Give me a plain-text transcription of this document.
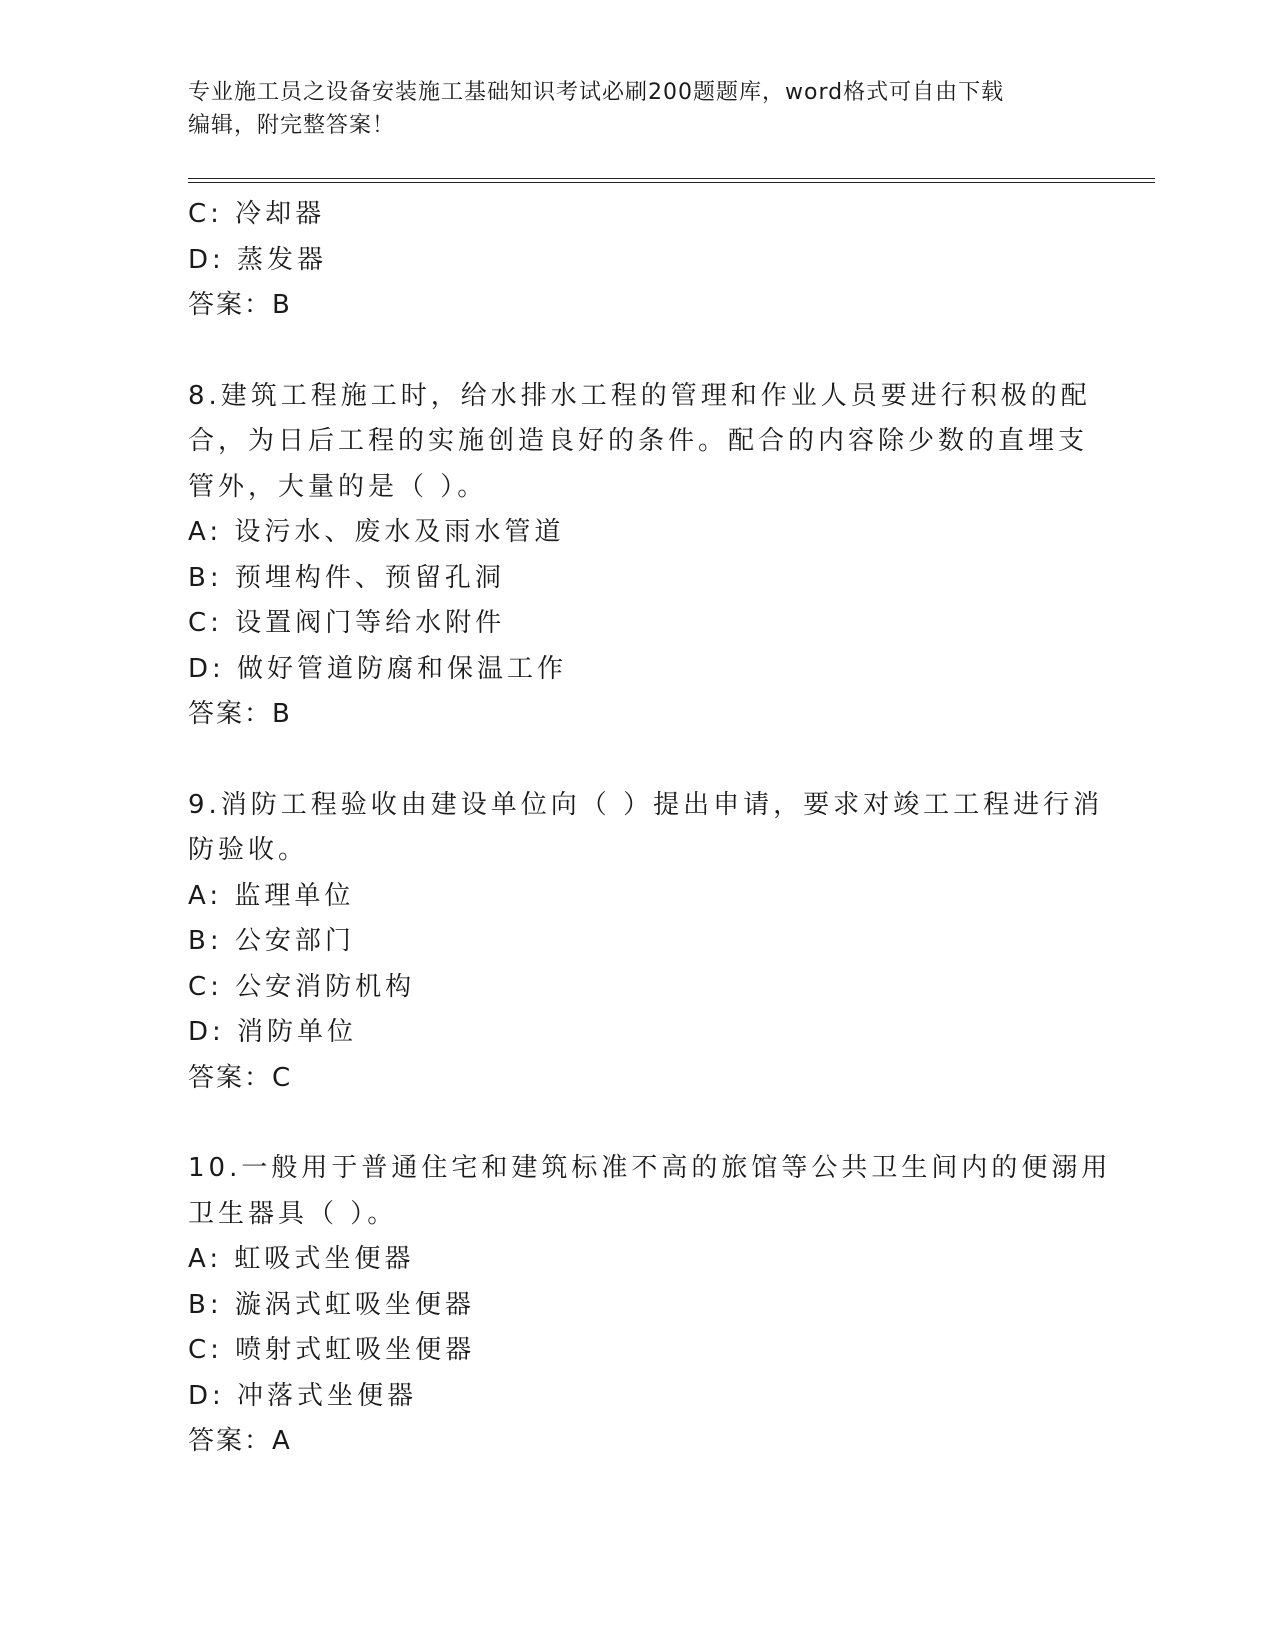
专业施工员之设备安装施工基础知识考试必刷200题题库，word格式可自由下载
编辑，附完整答案！
C: 冷却器
D: 蒸发器
答案：B
8.建筑工程施工时，给水排水工程的管理和作业人员要进行积极的配
合，为日后工程的实施创造良好的条件。配合的内容除少数的直埋支
管外，大量的是（ ）。
A: 设污水、废水及雨水管道
B: 预埋构件、预留孔洞
C: 设置阀门等给水附件
D: 做好管道防腐和保温工作
答案：B
9.消防工程验收由建设单位向（ ）提出申请，要求对竣工工程进行消
防验收。
A: 监理单位
B: 公安部门
C: 公安消防机构
D: 消防单位
答案：C
10.一般用于普通住宅和建筑标准不高的旅馆等公共卫生间内的便溺用
卫生器具（ ）。
A: 虹吸式坐便器
B: 漩涡式虹吸坐便器
C: 喷射式虹吸坐便器
D: 冲落式坐便器
答案：A
